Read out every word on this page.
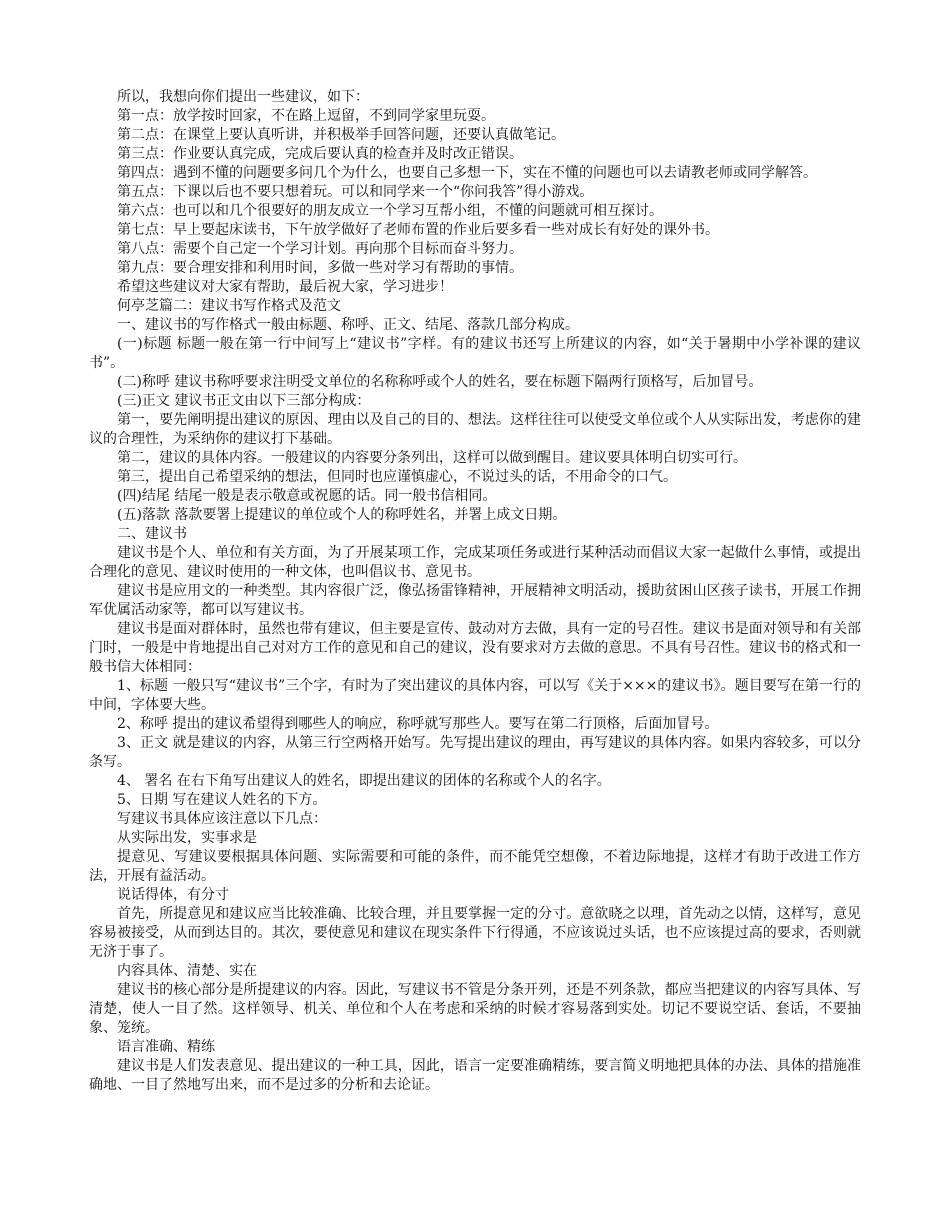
所以，我想向你们提出一些建议，如下：

第一点：放学按时回家，不在路上逗留，不到同学家里玩耍。

第二点：在课堂上要认真听讲，并积极举手回答问题，还要认真做笔记。

第三点：作业要认真完成，完成后要认真的检查并及时改正错误。

第四点：遇到不懂的问题要多问几个为什么，也要自己多想一下，实在不懂的问题也可以去请教老师或同学解答。

第五点：下课以后也不要只想着玩。可以和同学来一个“你问我答”得小游戏。

第六点：也可以和几个很要好的朋友成立一个学习互帮小组，不懂的问题就可相互探讨。

第七点：早上要起床读书，下午放学做好了老师布置的作业后要多看一些对成长有好处的课外书。

第八点：需要个自己定一个学习计划。再向那个目标而奋斗努力。

第九点：要合理安排和利用时间，多做一些对学习有帮助的事情。

希望这些建议对大家有帮助，最后祝大家，学习进步！

何亭芝篇二：建议书写作格式及范文

一、建议书的写作格式一般由标题、称呼、正文、结尾、落款几部分构成。

(一)标题 标题一般在第一行中间写上“建议书”字样。有的建议书还写上所建议的内容，如“关于暑期中小学补课的建议书”。

(二)称呼 建议书称呼要求注明受文单位的名称称呼或个人的姓名，要在标题下隔两行顶格写，后加冒号。

(三)正文 建议书正文由以下三部分构成：

第一，要先阐明提出建议的原因、理由以及自己的目的、想法。这样往往可以使受文单位或个人从实际出发，考虑你的建议的合理性，为采纳你的建议打下基础。

第二，建议的具体内容。一般建议的内容要分条列出，这样可以做到醒目。建议要具体明白切实可行。

第三，提出自己希望采纳的想法，但同时也应谨慎虚心，不说过头的话，不用命令的口气。

(四)结尾 结尾一般是表示敬意或祝愿的话。同一般书信相同。

(五)落款 落款要署上提建议的单位或个人的称呼姓名，并署上成文日期。

二、建议书

建议书是个人、单位和有关方面，为了开展某项工作，完成某项任务或进行某种活动而倡议大家一起做什么事情，或提出合理化的意见、建议时使用的一种文体，也叫倡议书、意见书。

建议书是应用文的一种类型。其内容很广泛，像弘扬雷锋精神，开展精神文明活动，援助贫困山区孩子读书，开展工作拥军优属活动家等，都可以写建议书。

建议书是面对群体时，虽然也带有建议，但主要是宣传、鼓动对方去做，具有一定的号召性。建议书是面对领导和有关部门时，一般是中肯地提出自己对对方工作的意见和自己的建议，没有要求对方去做的意思。不具有号召性。建议书的格式和一般书信大体相同：

1、标题 一般只写“建议书”三个字，有时为了突出建议的具体内容，可以写《关于×××的建议书》。题目要写在第一行的中间，字体要大些。

2、称呼 提出的建议希望得到哪些人的响应，称呼就写那些人。要写在第二行顶格，后面加冒号。

3、正文 就是建议的内容，从第三行空两格开始写。先写提出建议的理由，再写建议的具体内容。如果内容较多，可以分条写。

4、 署名 在右下角写出建议人的姓名，即提出建议的团体的名称或个人的名字。

5、日期 写在建议人姓名的下方。

写建议书具体应该注意以下几点：

从实际出发，实事求是

提意见、写建议要根据具体问题、实际需要和可能的条件，而不能凭空想像，不着边际地提，这样才有助于改进工作方法，开展有益活动。

说话得体，有分寸

首先，所提意见和建议应当比较准确、比较合理，并且要掌握一定的分寸。意欲晓之以理，首先动之以情，这样写，意见容易被接受，从而到达目的。其次，要使意见和建议在现实条件下行得通，不应该说过头话，也不应该提过高的要求，否则就无济于事了。

内容具体、清楚、实在

建议书的核心部分是所提建议的内容。因此，写建议书不管是分条开列，还是不列条款，都应当把建议的内容写具体、写清楚，使人一目了然。这样领导、机关、单位和个人在考虑和采纳的时候才容易落到实处。切记不要说空话、套话，不要抽象、笼统。

语言准确、精练

建议书是人们发表意见、提出建议的一种工具，因此，语言一定要准确精练，要言简义明地把具体的办法、具体的措施准确地、一目了然地写出来，而不是过多的分析和去论证。
